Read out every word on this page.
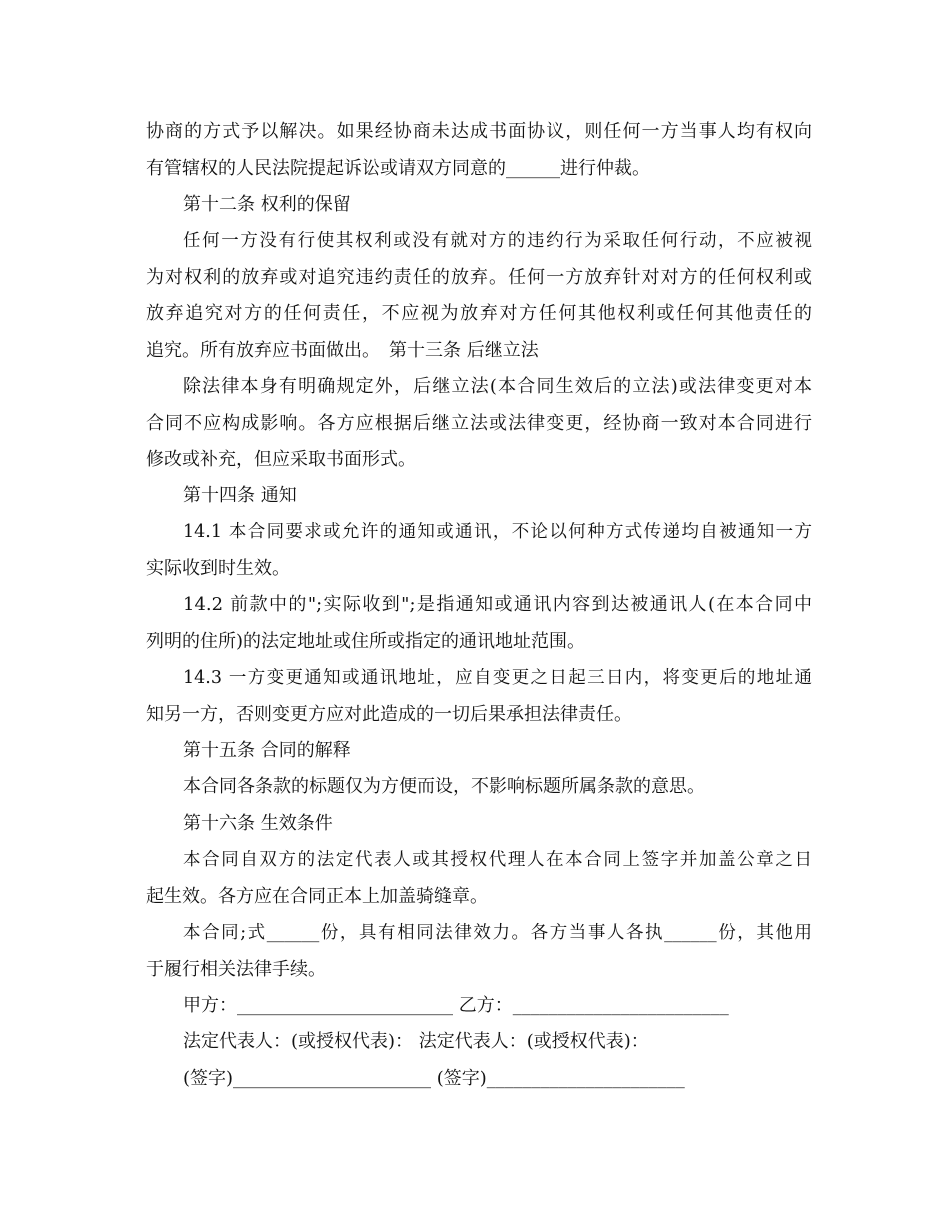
协商的方式予以解决。如果经协商未达成书面协议，则任何一方当事人均有权向
有管辖权的人民法院提起诉讼或请双方同意的______进行仲裁。

第十二条 权利的保留

任何一方没有行使其权利或没有就对方的违约行为采取任何行动，不应被视
为对权利的放弃或对追究违约责任的放弃。任何一方放弃针对对方的任何权利或
放弃追究对方的任何责任，不应视为放弃对方任何其他权利或任何其他责任的
追究。所有放弃应书面做出。　第十三条 后继立法

除法律本身有明确规定外，后继立法(本合同生效后的立法)或法律变更对本
合同不应构成影响。各方应根据后继立法或法律变更，经协商一致对本合同进行
修改或补充，但应采取书面形式。

第十四条 通知

14.1 本合同要求或允许的通知或通讯，不论以何种方式传递均自被通知一方
实际收到时生效。

14.2 前款中的";实际收到";是指通知或通讯内容到达被通讯人(在本合同中
列明的住所)的法定地址或住所或指定的通讯地址范围。

14.3 一方变更通知或通讯地址，应自变更之日起三日内，将变更后的地址通
知另一方，否则变更方应对此造成的一切后果承担法律责任。

第十五条 合同的解释

本合同各条款的标题仅为方便而设，不影响标题所属条款的意思。

第十六条 生效条件

本合同自双方的法定代表人或其授权代理人在本合同上签字并加盖公章之日
起生效。各方应在合同正本上加盖骑缝章。

本合同;式______份，具有相同法律效力。各方当事人各执______份，其他用
于履行相关法律手续。

甲方：________________________ 乙方：________________________

法定代表人：(或授权代表)： 法定代表人：(或授权代表)：

(签字)______________________ (签字)______________________
